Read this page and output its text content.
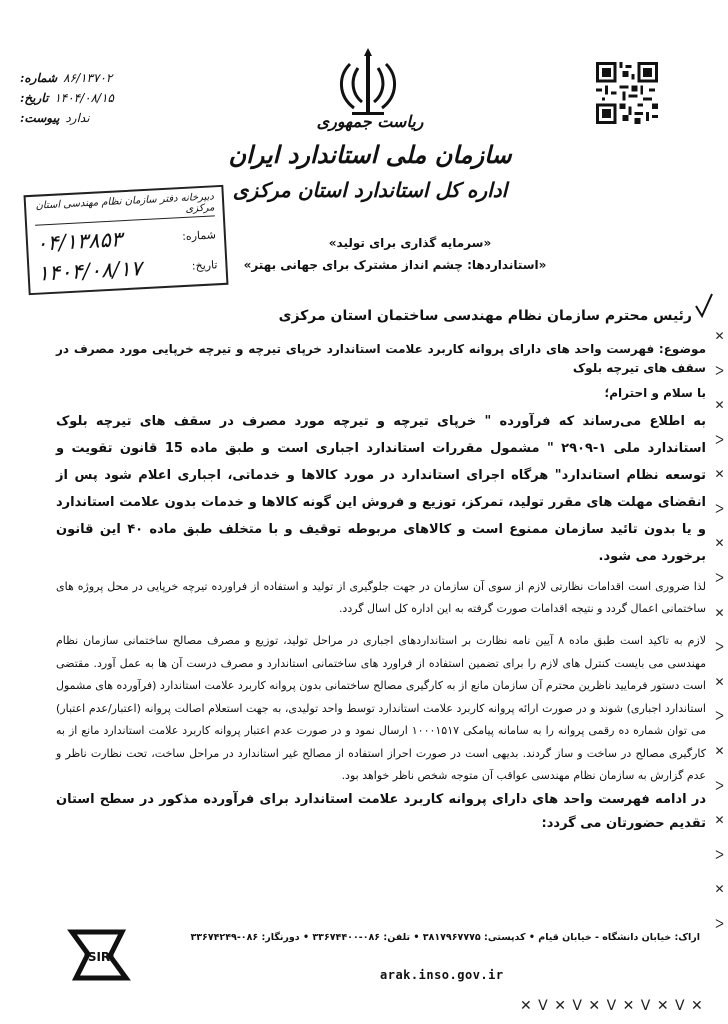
شماره: ۸۶/۱۳۷۰۲
تاریخ: ۱۴۰۴/۰۸/۱۵
پیوست: ندارد
دبیرخانه دفتر سازمان نظام مهندسی استان مرکزی
شماره:
۰۴/۱۳۸۵۳
تاریخ:
۱۴۰۴/۰۸/۱۷
ریاست جمهوری
سازمان ملی استاندارد ایران
اداره کل استاندارد استان مرکزی
«سرمایه گذاری برای تولید»
«استانداردها: چشم انداز مشترک برای جهانی بهتر»
رئیس محترم سازمان نظام مهندسی ساختمان استان مرکزی
موضوع: فهرست واحد های دارای پروانه کاربرد علامت استاندارد خرپای تیرچه و تیرچه خرپایی مورد مصرف در سقف های تیرچه بلوک
با سلام و احترام؛
به اطلاع می‌رساند که فرآورده " خرپای تیرچه و تیرچه مورد مصرف در سقف های تیرچه بلوک استاندارد ملی ۱-۲۹۰۹ " مشمول مقررات استاندارد اجباری است و طبق ماده 15 قانون تقویت و توسعه نظام استاندارد" هرگاه اجرای استاندارد در مورد کالاها و خدماتی، اجباری اعلام شود پس از انقضای مهلت های مقرر تولید، تمرکز، توزیع و فروش این گونه کالاها و خدمات بدون علامت استاندارد و یا بدون تائید سازمان ممنوع است و کالاهای مربوطه توقیف و با متخلف طبق ماده ۴۰ این قانون برخورد می شود.
لذا ضروری است اقدامات نظارتی لازم از سوی آن سازمان در جهت جلوگیری از تولید و استفاده از فراورده تیرچه خرپایی در محل پروژه های ساختمانی اعمال گردد و نتیجه اقدامات صورت گرفته به این اداره کل اسال گردد.
لازم به تاکید است طبق ماده ۸ آیین نامه نظارت بر استانداردهای اجباری در مراحل تولید، توزیع و مصرف مصالح ساختمانی سازمان نظام مهندسی می بایست کنترل های لازم را برای تضمین استفاده از فراورد های ساختمانی استاندارد و مصرف درست آن ها به عمل آورد. مقتضی است دستور فرمایید ناظرین محترم آن سازمان مانع از به کارگیری مصالح ساختمانی بدون پروانه کاربرد علامت استاندارد (فرآورده های مشمول استاندارد اجباری) شوند و در صورت ارائه پروانه کاربرد علامت استاندارد توسط واحد تولیدی، به جهت استعلام اصالت پروانه (اعتبار/عدم اعتبار) می توان شماره ده رقمی پروانه را به سامانه پیامکی ۱۰۰۰۱۵۱۷ ارسال نمود و در صورت عدم اعتبار پروانه کاربرد علامت استاندارد مانع از به کارگیری مصالح در ساخت و ساز گردند. بدیهی است در صورت احراز استفاده از مصالح غیر استاندارد در مراحل ساخت، تحت نظارت ناظر و عدم گزارش به سازمان نظام مهندسی عواقب آن متوجه شخص ناظر خواهد بود.
در ادامه فهرست واحد های دارای پروانه کاربرد علامت استاندارد برای فرآورده مذکور در سطح استان تقدیم حضورتان می گردد:
اراک: خیابان دانشگاه - خیابان قیام • کدپستی: ۳۸۱۷۹۶۷۷۷۵ • تلفن: ۰۸۶-۳۳۶۷۴۴۰۰ • دورنگار: ۰۸۶-۳۳۶۷۴۲۴۹
arak.inso.gov.ir
ISIRI
✕
ᐳ
✕
ᐳ
✕
ᐳ
✕
ᐳ
✕
ᐳ
✕
ᐳ
✕
ᐳ
✕
ᐳ
✕
ᐳ
✕ ᐯ ✕ ᐯ ✕ ᐯ ✕ ᐯ ✕ ᐯ ✕
